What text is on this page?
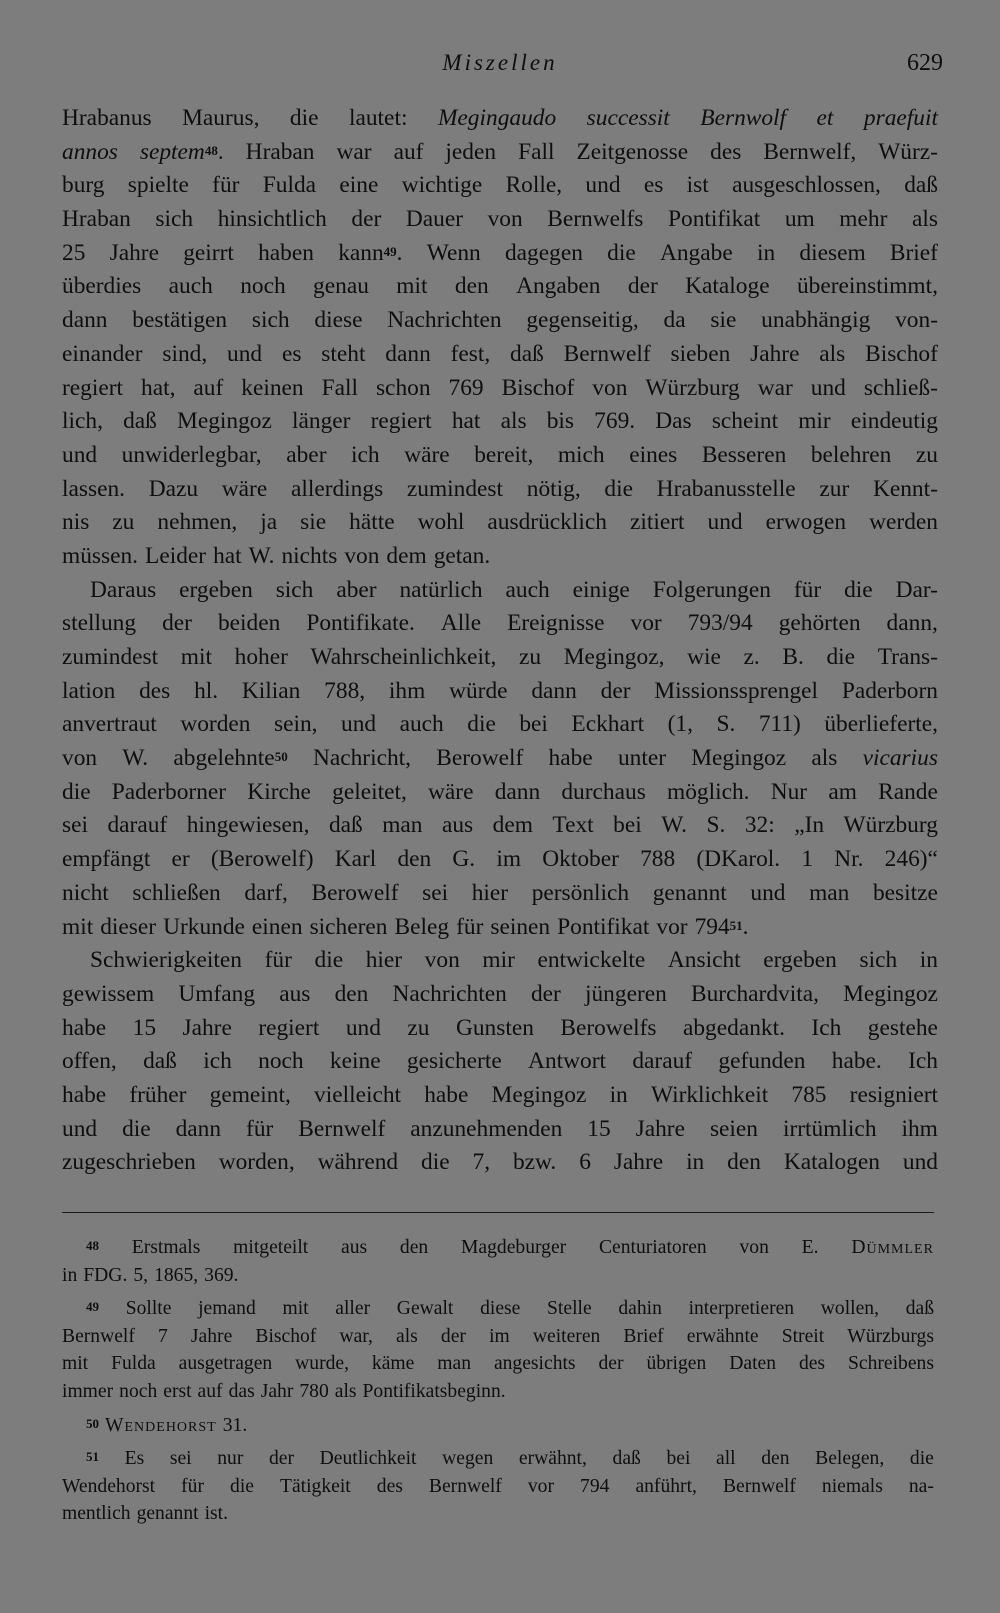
Miszellen	629
Hrabanus Maurus, die lautet: Megingaudo successit Bernwolf et praefuit
annos septem$^{48}$. Hraban war auf jeden Fall Zeitgenosse des Bernwelf, Würz-
burg spielte für Fulda eine wichtige Rolle, und es ist ausgeschlossen, daß
Hraban sich hinsichtlich der Dauer von Bernwelfs Pontifikat um mehr als
25 Jahre geirrt haben kann$^{49}$. Wenn dagegen die Angabe in diesem Brief
überdies auch noch genau mit den Angaben der Kataloge übereinstimmt,
dann bestätigen sich diese Nachrichten gegenseitig, da sie unabhängig von-
einander sind, und es steht dann fest, daß Bernwelf sieben Jahre als Bischof
regiert hat, auf keinen Fall schon 769 Bischof von Würzburg war und schließ-
lich, daß Megingoz länger regiert hat als bis 769. Das scheint mir eindeutig
und unwiderlegbar, aber ich wäre bereit, mich eines Besseren belehren zu
lassen. Dazu wäre allerdings zumindest nötig, die Hrabanusstelle zur Kennt-
nis zu nehmen, ja sie hätte wohl ausdrücklich zitiert und erwogen werden
müssen. Leider hat W. nichts von dem getan.
Daraus ergeben sich aber natürlich auch einige Folgerungen für die Dar-
stellung der beiden Pontifikate. Alle Ereignisse vor 793/94 gehörten dann,
zumindest mit hoher Wahrscheinlichkeit, zu Megingoz, wie z. B. die Trans-
lation des hl. Kilian 788, ihm würde dann der Missionssprengel Paderborn
anvertraut worden sein, und auch die bei Eckhart (1, S. 711) überlieferte,
von W. abgelehnte$^{50}$ Nachricht, Berowelf habe unter Megingoz als vicarius
die Paderborner Kirche geleitet, wäre dann durchaus möglich. Nur am Rande
sei darauf hingewiesen, daß man aus dem Text bei W. S. 32: „In Würzburg
empfängt er (Berowelf) Karl den G. im Oktober 788 (DKarol. 1 Nr. 246)“
nicht schließen darf, Berowelf sei hier persönlich genannt und man besitze
mit dieser Urkunde einen sicheren Beleg für seinen Pontifikat vor 794$^{51}$.
Schwierigkeiten für die hier von mir entwickelte Ansicht ergeben sich in
gewissem Umfang aus den Nachrichten der jüngeren Burchardvita, Megingoz
habe 15 Jahre regiert und zu Gunsten Berowelfs abgedankt. Ich gestehe
offen, daß ich noch keine gesicherte Antwort darauf gefunden habe. Ich
habe früher gemeint, vielleicht habe Megingoz in Wirklichkeit 785 resigniert
und die dann für Bernwelf anzunehmenden 15 Jahre seien irrtümlich ihm
zugeschrieben worden, während die 7, bzw. 6 Jahre in den Katalogen und
$^{48}$ Erstmals mitgeteilt aus den Magdeburger Centuriatoren von E. Dümmler
in FDG. 5, 1865, 369.
$^{49}$ Sollte jemand mit aller Gewalt diese Stelle dahin interpretieren wollen, daß
Bernwelf 7 Jahre Bischof war, als der im weiteren Brief erwähnte Streit Würzburgs
mit Fulda ausgetragen wurde, käme man angesichts der übrigen Daten des Schreibens
immer noch erst auf das Jahr 780 als Pontifikatsbeginn.
$^{50}$ Wendehorst 31.
$^{51}$ Es sei nur der Deutlichkeit wegen erwähnt, daß bei all den Belegen, die
Wendehorst für die Tätigkeit des Bernwelf vor 794 anführt, Bernwelf niemals na-
mentlich genannt ist.
